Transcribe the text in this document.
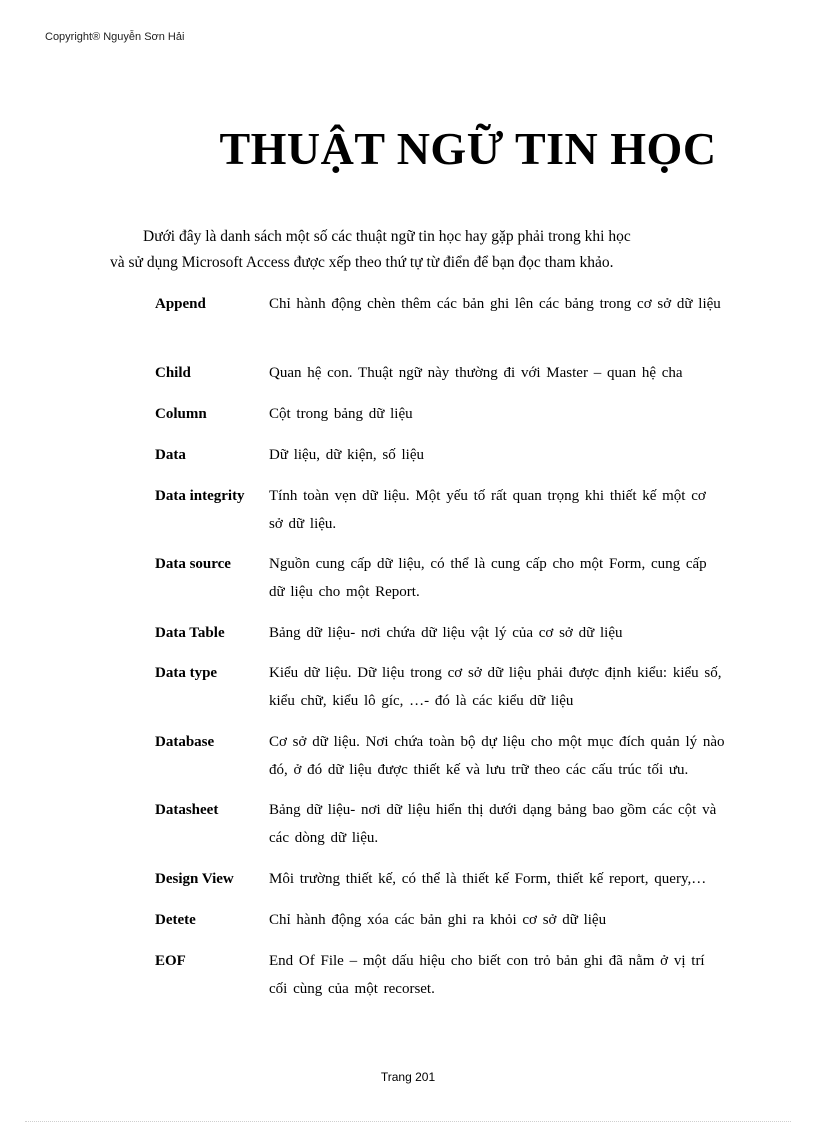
Copyright® Nguyễn Sơn Hải
THUẬT NGỮ TIN HỌC
Dưới đây là danh sách một số các thuật ngữ tin học hay gặp phải trong khi học
và sử dụng Microsoft Access được xếp theo thứ tự từ điển để bạn đọc tham khảo.
Append	Chỉ hành động chèn thêm các bản ghi lên các bảng trong cơ sở dữ liệu
Child	Quan hệ con. Thuật ngữ này thường đi với Master – quan hệ cha
Column	Cột trong bảng dữ liệu
Data	Dữ liệu, dữ kiện, số liệu
Data integrity	Tính toàn vẹn dữ liệu. Một yếu tố rất quan trọng khi thiết kế một cơ sở dữ liệu.
Data source	Nguồn cung cấp dữ liệu, có thể là cung cấp cho một Form, cung cấp dữ liệu cho một Report.
Data Table	Bảng dữ liệu- nơi chứa dữ liệu vật lý của cơ sở dữ liệu
Data type	Kiểu dữ liệu. Dữ liệu trong cơ sở dữ liệu phải được định kiểu: kiểu số, kiểu chữ, kiểu lô gíc, …- đó là các kiểu dữ liệu
Database	Cơ sở dữ liệu. Nơi chứa toàn bộ dự liệu cho một mục đích quản lý nào đó, ở đó dữ liệu được thiết kế và lưu trữ theo các cấu trúc tối ưu.
Datasheet	Bảng dữ liệu- nơi dữ liệu hiển thị dưới dạng bảng bao gồm các cột và các dòng dữ liệu.
Design View	Môi trường thiết kế, có thể là thiết kế Form, thiết kế report, query,…
Detete	Chỉ hành động xóa các bản ghi ra khỏi cơ sở dữ liệu
EOF	End Of File – một dấu hiệu cho biết con trỏ bản ghi đã nằm ở vị trí cối cùng của một recorset.
Trang 201
